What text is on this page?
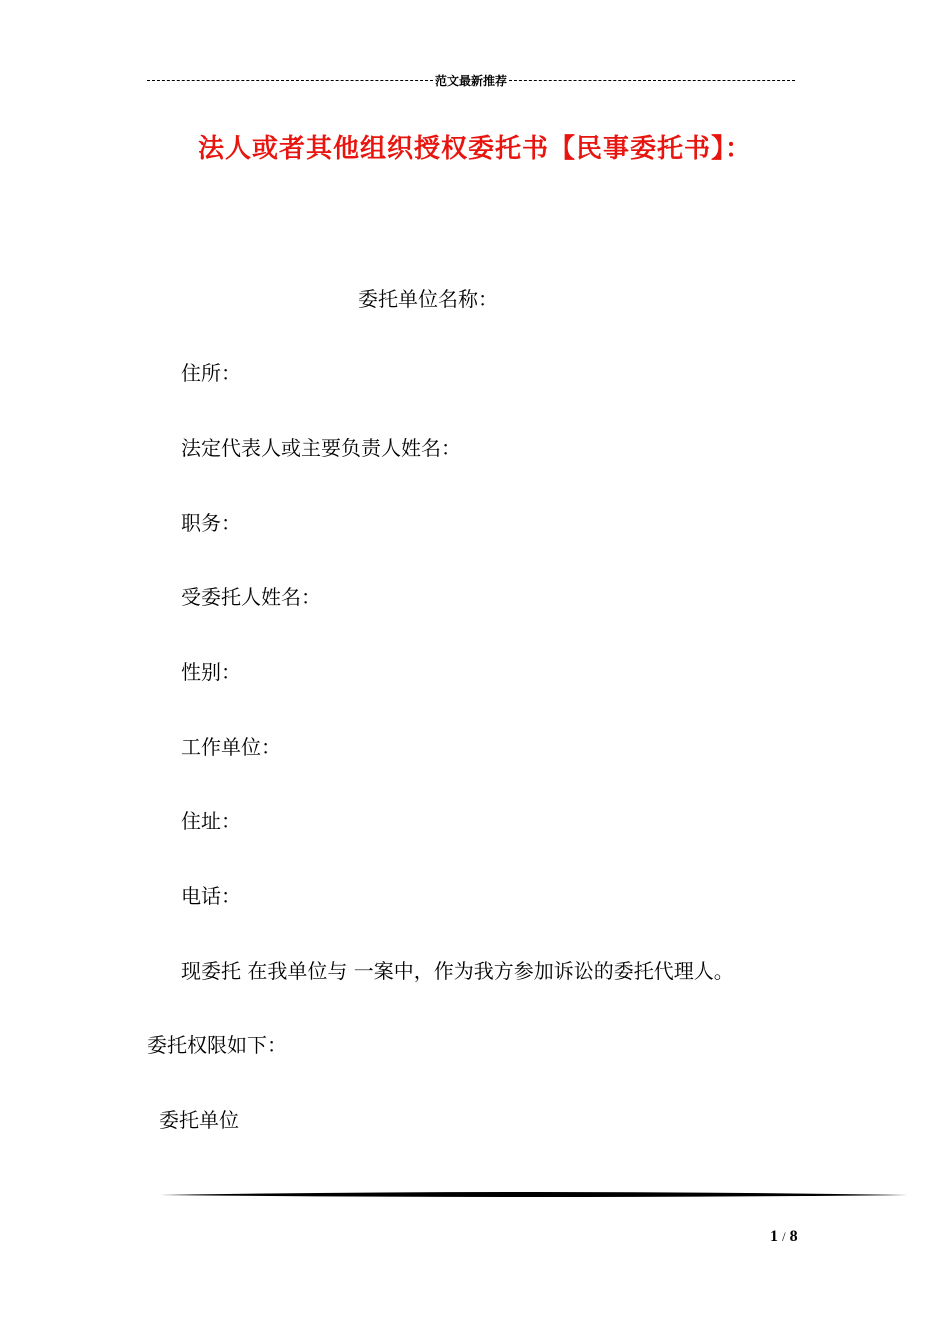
范文最新推荐
法人或者其他组织授权委托书【民事委托书】：
委托单位名称：
住所：
法定代表人或主要负责人姓名：
职务：
受委托人姓名：
性别：
工作单位：
住址：
电话：
现委托 在我单位与 一案中，作为我方参加诉讼的委托代理人。
委托权限如下：
委托单位
1 / 8
